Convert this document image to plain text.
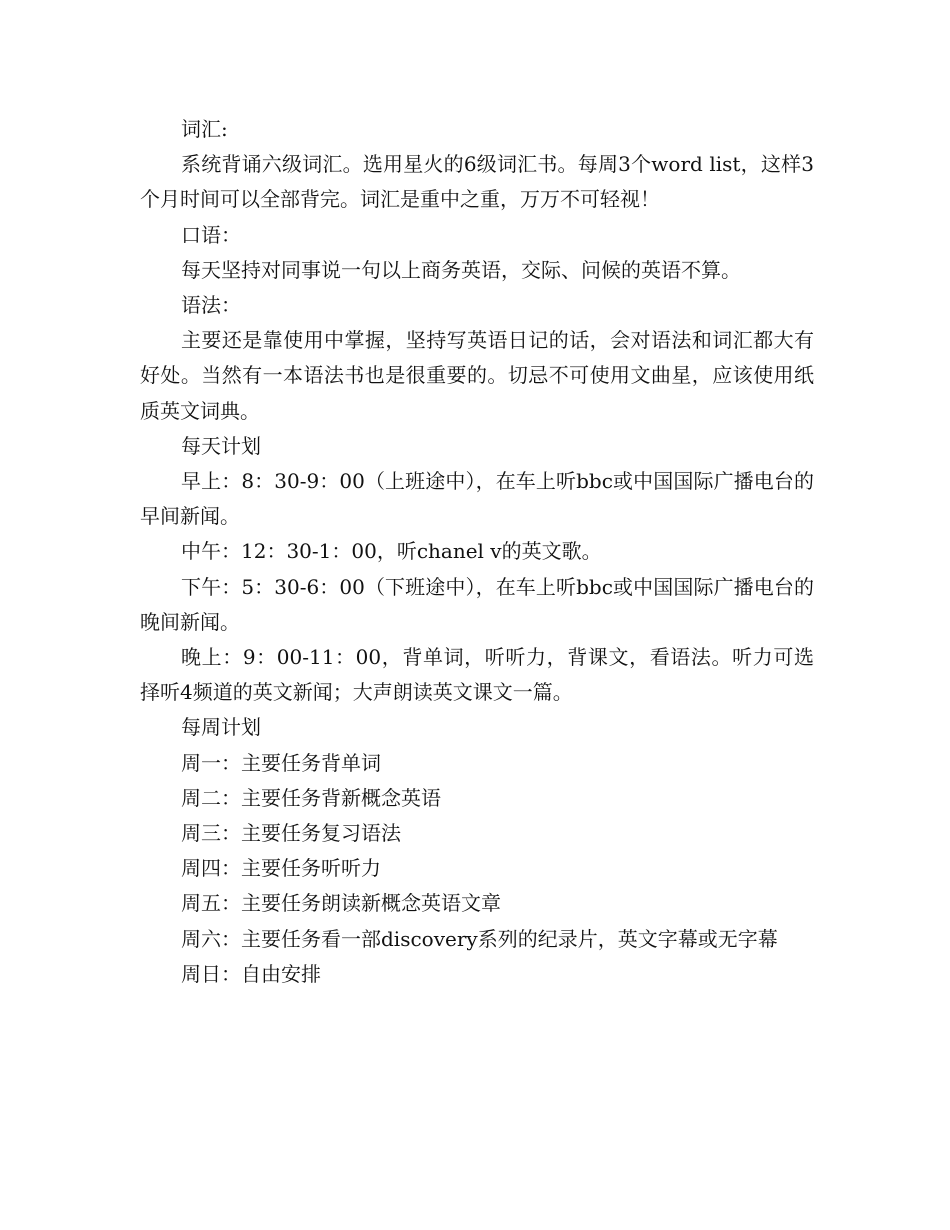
词汇:

系统背诵六级词汇。选用星火的6级词汇书。每周3个word list，这样3个月时间可以全部背完。词汇是重中之重，万万不可轻视！

口语：

每天坚持对同事说一句以上商务英语，交际、问候的英语不算。

语法：

主要还是靠使用中掌握，坚持写英语日记的话，会对语法和词汇都大有好处。当然有一本语法书也是很重要的。切忌不可使用文曲星，应该使用纸质英文词典。

每天计划

早上：8：30-9：00（上班途中），在车上听bbc或中国国际广播电台的早间新闻。

中午：12：30-1：00，听chanel v的英文歌。

下午：5：30-6：00（下班途中），在车上听bbc或中国国际广播电台的晚间新闻。

晚上：9：00-11：00，背单词，听听力，背课文，看语法。听力可选择听4频道的英文新闻；大声朗读英文课文一篇。

每周计划

周一：主要任务背单词

周二：主要任务背新概念英语

周三：主要任务复习语法

周四：主要任务听听力

周五：主要任务朗读新概念英语文章

周六：主要任务看一部discovery系列的纪录片，英文字幕或无字幕

周日：自由安排
